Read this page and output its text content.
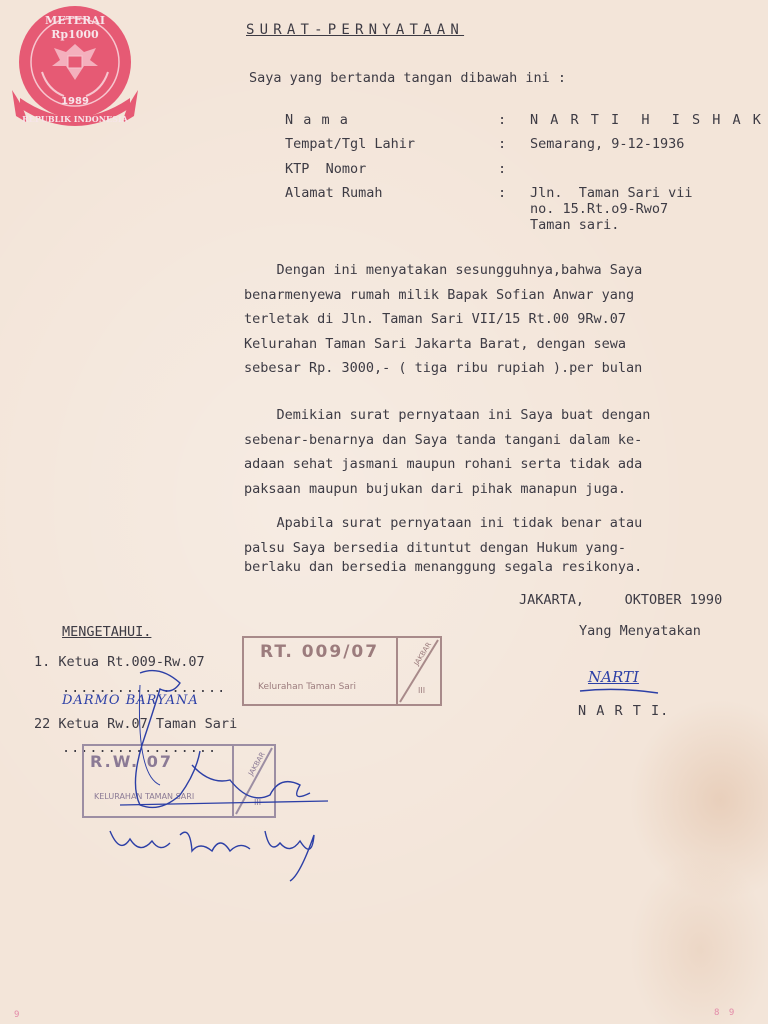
METERAI
Rp1000
1989
REPUBLIK INDONESIA
SURAT-PERNYATAAN
Saya yang bertanda tangan dibawah ini :
N a m a	: N A R T I  H  I S H A K
Tempat/Tgl Lahir	: Semarang, 9-12-1936
KTP  Nomor	:
Alamat Rumah	: Jln.  Taman Sari vii
no. 15.Rt.o9-Rwo7
Taman sari.
Dengan ini menyatakan sesungguhnya,bahwa Saya
benarmenyewa rumah milik Bapak Sofian Anwar yang
terletak di Jln. Taman Sari VII/15 Rt.00 9Rw.07
Kelurahan Taman Sari Jakarta Barat, dengan sewa
sebesar Rp. 3000,- ( tiga ribu rupiah ).per bulan
Demikian surat pernyataan ini Saya buat dengan
sebenar-benarnya dan Saya tanda tangani dalam ke-
adaan sehat jasmani maupun rohani serta tidak ada
paksaan maupun bujukan dari pihak manapun juga.
Apabila surat pernyataan ini tidak benar atau
palsu Saya bersedia dituntut dengan Hukum yang-
berlaku dan bersedia menanggung segala resikonya.
JAKARTA,     OKTOBER 1990
Yang Menyatakan
NARTI
N A R T I.
MENGETAHUI.
1. Ketua Rt.009-Rw.07
..................
DARMO BARYANA
22 Ketua Rw.07 Taman Sari
.................
RT. 009/07
Kelurahan Taman Sari
JAKBAR
III
R.W. 07
KELURAHAN TAMAN SARI
JAKBAR
III
9	8 9
